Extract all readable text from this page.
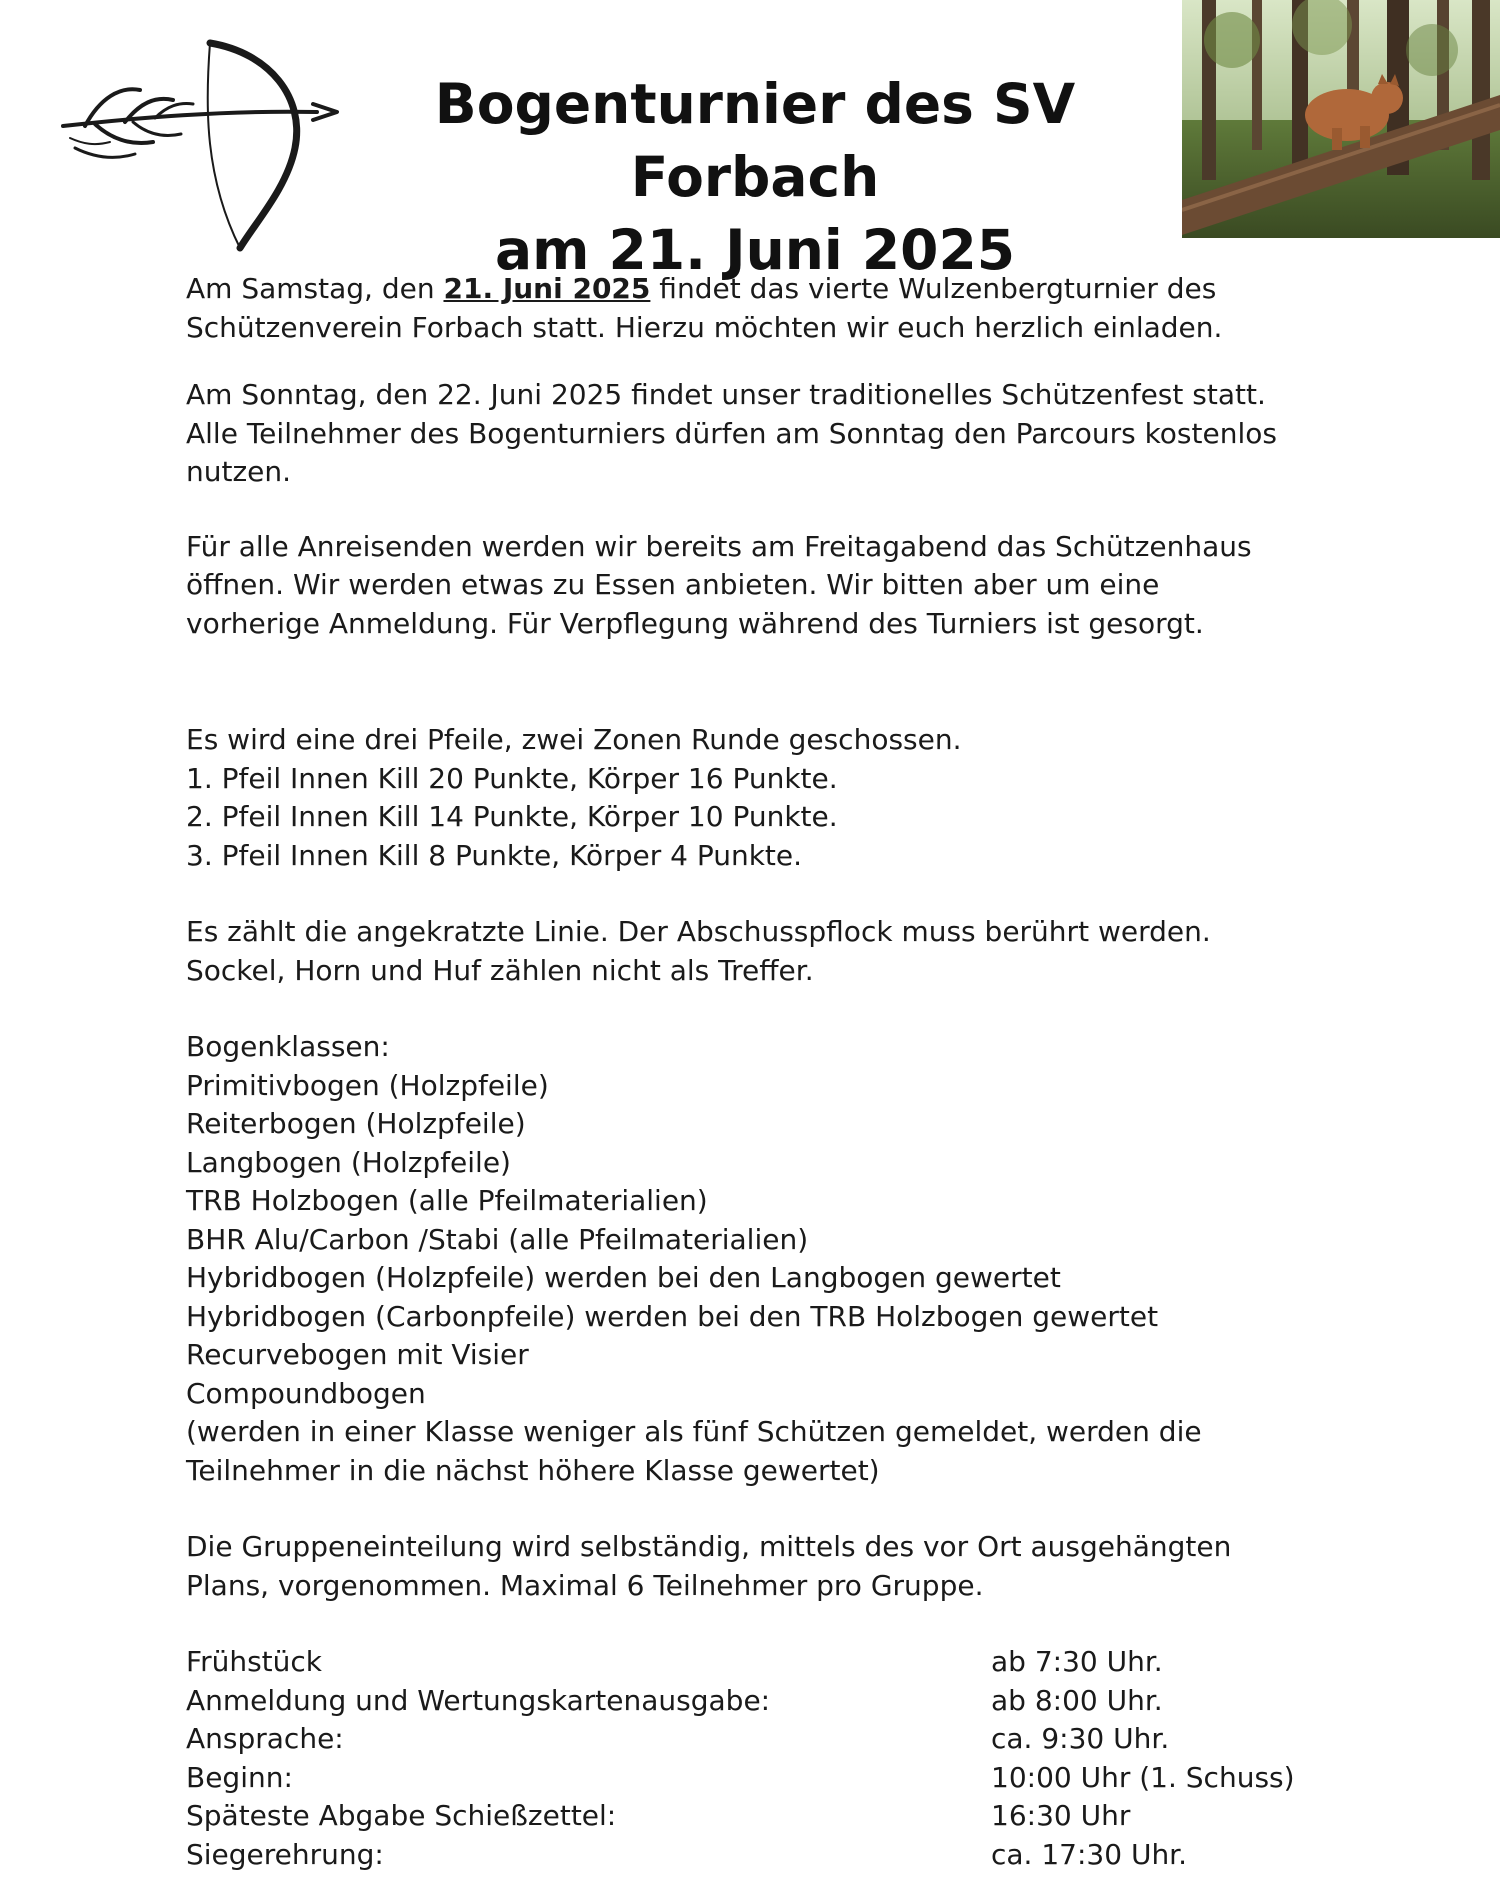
Bogenturnier des SV Forbach
am 21. Juni 2025

Am Samstag, den 21. Juni 2025 findet das vierte Wulzenbergturnier des

Schützenverein Forbach statt. Hierzu möchten wir euch herzlich einladen.

Am Sonntag, den 22. Juni 2025 findet unser traditionelles Schützenfest statt.

Alle Teilnehmer des Bogenturniers dürfen am Sonntag den Parcours kostenlos

nutzen.

Für alle Anreisenden werden wir bereits am Freitagabend das Schützenhaus

öffnen. Wir werden etwas zu Essen anbieten. Wir bitten aber um eine

vorherige Anmeldung. Für Verpflegung während des Turniers ist gesorgt.

Es wird eine drei Pfeile, zwei Zonen Runde geschossen.

1. Pfeil Innen Kill 20 Punkte, Körper 16 Punkte.

2. Pfeil Innen Kill 14 Punkte, Körper 10 Punkte.

3. Pfeil Innen Kill 8 Punkte, Körper 4 Punkte.

Es zählt die angekratzte Linie. Der Abschusspflock muss berührt werden.

Sockel, Horn und Huf zählen nicht als Treffer.

Bogenklassen:

Primitivbogen (Holzpfeile)

Reiterbogen (Holzpfeile)

Langbogen (Holzpfeile)

TRB Holzbogen (alle Pfeilmaterialien)

BHR Alu/Carbon /Stabi (alle Pfeilmaterialien)

Hybridbogen (Holzpfeile) werden bei den Langbogen gewertet

Hybridbogen (Carbonpfeile) werden bei den TRB Holzbogen gewertet

Recurvebogen mit Visier

Compoundbogen

(werden in einer Klasse weniger als fünf Schützen gemeldet, werden die

Teilnehmer in die nächst höhere Klasse gewertet)

Die Gruppeneinteilung wird selbständig, mittels des vor Ort ausgehängten

Plans, vorgenommen. Maximal 6 Teilnehmer pro Gruppe.

Frühstück	ab 7:30 Uhr.
Anmeldung und Wertungskartenausgabe:	ab 8:00 Uhr.
Ansprache:	ca. 9:30 Uhr.
Beginn:	10:00 Uhr (1. Schuss)
Späteste Abgabe Schießzettel:	16:30 Uhr
Siegerehrung:	ca. 17:30 Uhr.
